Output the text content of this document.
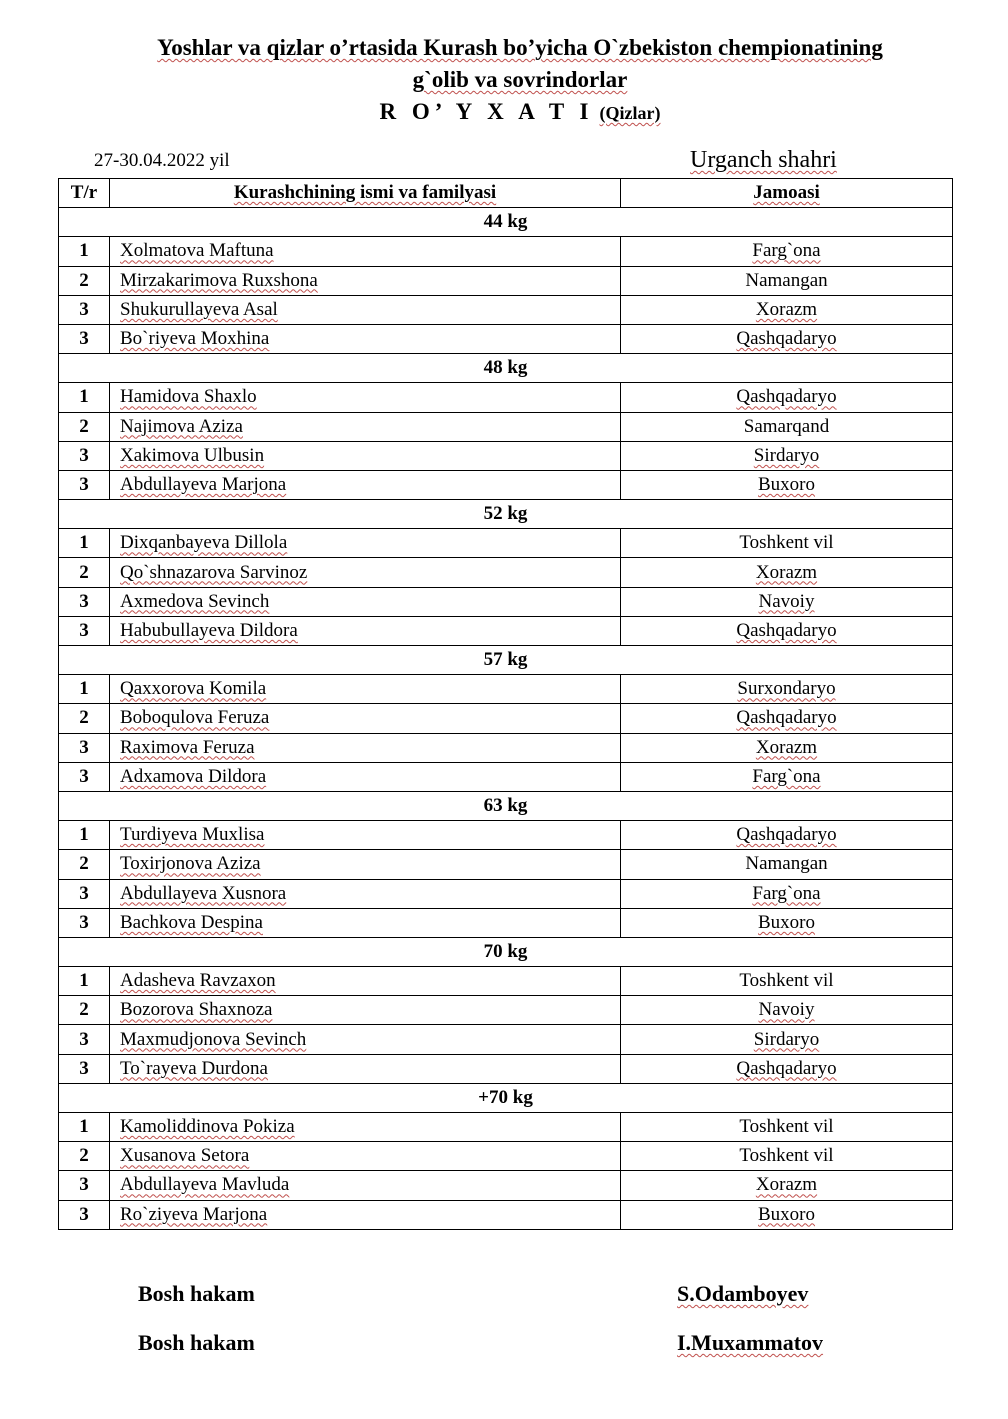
Yoshlar va qizlar o’rtasida Kurash bo’yicha O`zbekiston chempionatining
g`olib va sovrindorlar
R O’ Y X A T I (Qizlar)
27-30.04.2022 yil	Urganch shahri
T/r	Kurashchining ismi va familyasi	Jamoasi
44 kg		
1	Xolmatova Maftuna	Farg`ona
2	Mirzakarimova Ruxshona	Namangan
3	Shukurullayeva Asal	Xorazm
3	Bo`riyeva Moxhina	Qashqadaryo
48 kg		
1	Hamidova Shaxlo	Qashqadaryo
2	Najimova Aziza	Samarqand
3	Xakimova Ulbusin	Sirdaryo
3	Abdullayeva Marjona	Buxoro
52 kg		
1	Dixqanbayeva Dillola	Toshkent vil
2	Qo`shnazarova Sarvinoz	Xorazm
3	Axmedova Sevinch	Navoiy
3	Habubullayeva Dildora	Qashqadaryo
57 kg		
1	Qaxxorova Komila	Surxondaryo
2	Boboqulova Feruza	Qashqadaryo
3	Raximova Feruza	Xorazm
3	Adxamova Dildora	Farg`ona
63 kg		
1	Turdiyeva Muxlisa	Qashqadaryo
2	Toxirjonova Aziza	Namangan
3	Abdullayeva Xusnora	Farg`ona
3	Bachkova Despina	Buxoro
70 kg		
1	Adasheva Ravzaxon	Toshkent vil
2	Bozorova Shaxnoza	Navoiy
3	Maxmudjonova Sevinch	Sirdaryo
3	To`rayeva Durdona	Qashqadaryo
+70 kg		
1	Kamoliddinova Pokiza	Toshkent vil
2	Xusanova Setora	Toshkent vil
3	Abdullayeva Mavluda	Xorazm
3	Ro`ziyeva Marjona	Buxoro
Bosh hakam	S.Odamboyev
Bosh hakam	I.Muxammatov
